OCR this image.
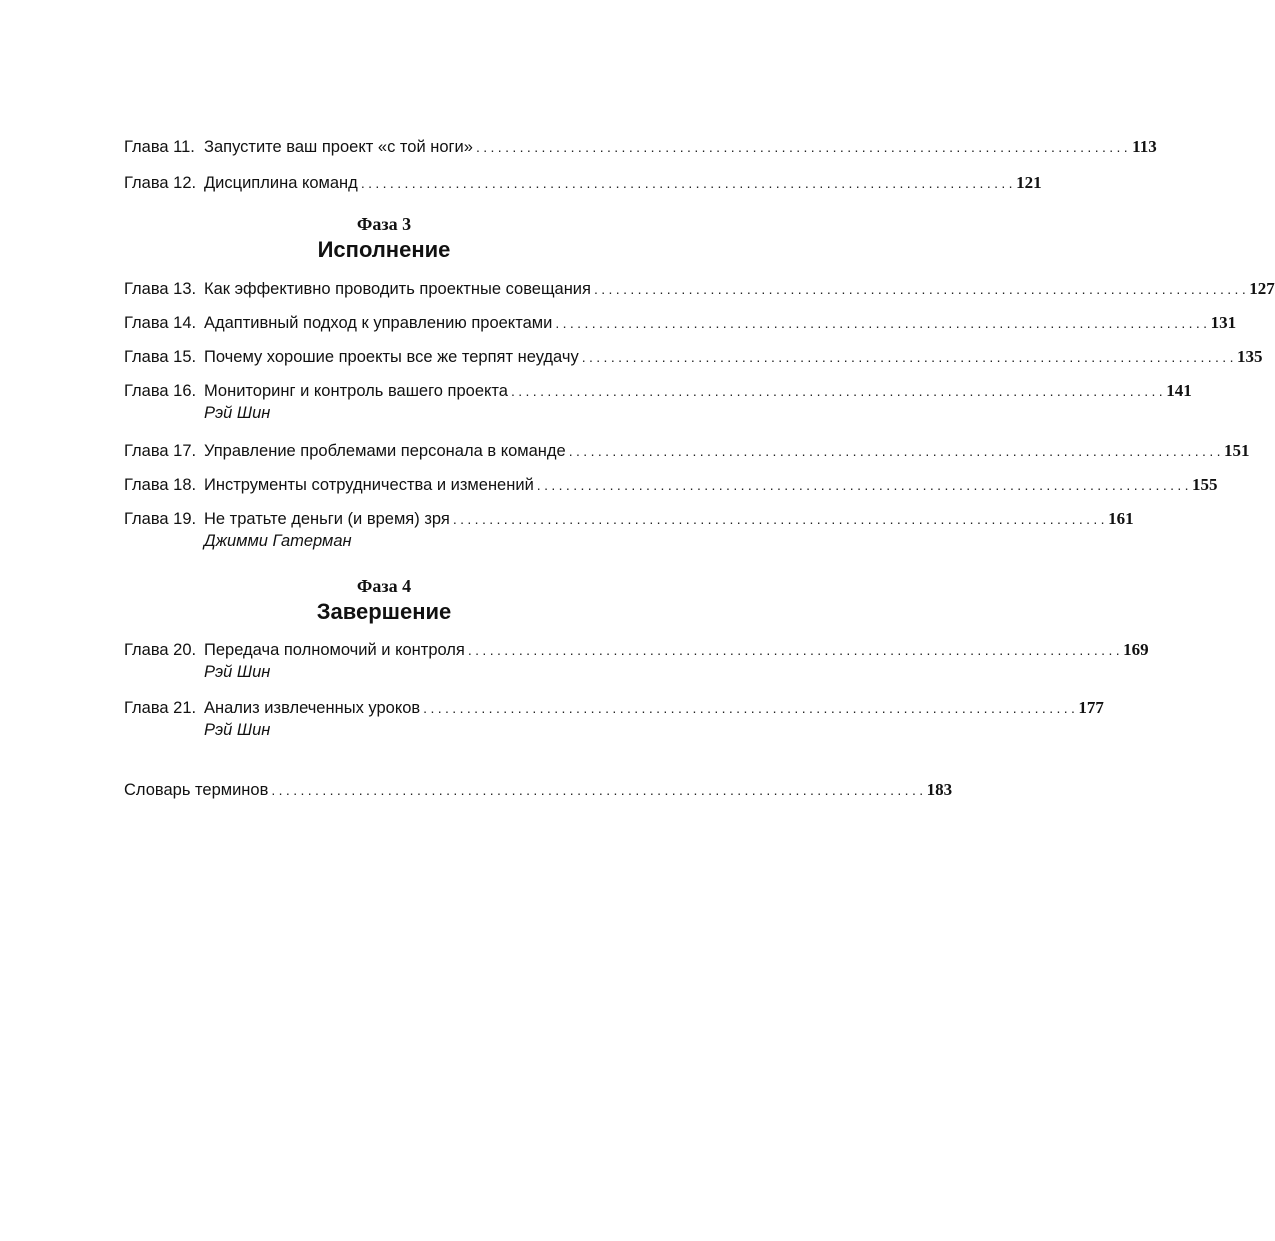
Глава 11. Запустите ваш проект «с той ноги» . . .	113
Глава 12. Дисциплина команд . . .	121
Фаза 3
Исполнение
Глава 13. Как эффективно проводить проектные совещания . . .	127
Глава 14. Адаптивный подход к управлению проектами . . .	131
Глава 15. Почему хорошие проекты все же терпят неудачу . . .	135
Глава 16. Мониторинг и контроль вашего проекта . . .	141
Рэй Шин
Глава 17. Управление проблемами персонала в команде . . .	151
Глава 18. Инструменты сотрудничества и изменений . . .	155
Глава 19. Не тратьте деньги (и время) зря . . .	161
Джимми Гатерман
Фаза 4
Завершение
Глава 20. Передача полномочий и контроля . . .	169
Рэй Шин
Глава 21. Анализ извлеченных уроков . . .	177
Рэй Шин
Словарь терминов . . .	183
